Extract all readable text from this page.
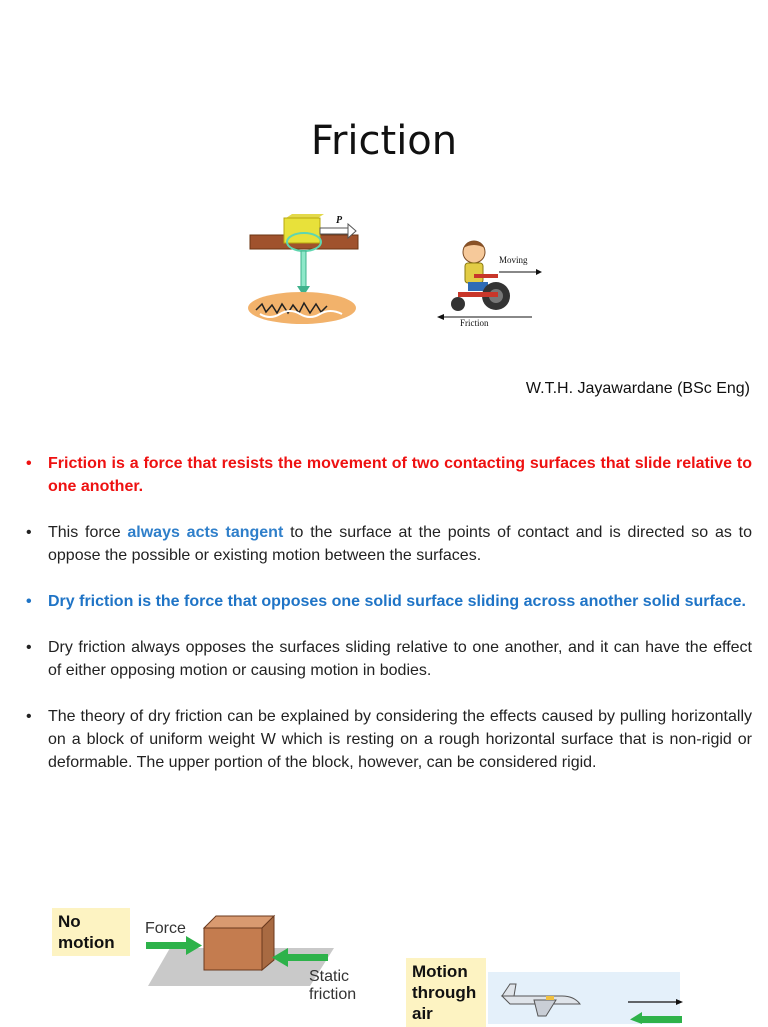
Friction
P
Moving
Friction
W.T.H. Jayawardane (BSc Eng)
•	Friction is a force that resists the movement of two contacting surfaces that slide relative to one another.
•	This force always acts tangent to the surface at the points of contact and is directed so as to oppose the possible or existing motion between the surfaces.
•	Dry friction is the force that opposes one solid surface sliding across another solid surface.
•	Dry friction always opposes the surfaces sliding relative to one another, and it can have the effect of either opposing motion or causing motion in bodies.
•	The theory of dry friction can be explained by considering the effects caused by pulling horizontally on a block of uniform weight W which is resting on a rough horizontal surface that is non-rigid or deformable. The upper portion of the block, however, can be considered rigid.
No motion
Force
Static friction
Motion through air
